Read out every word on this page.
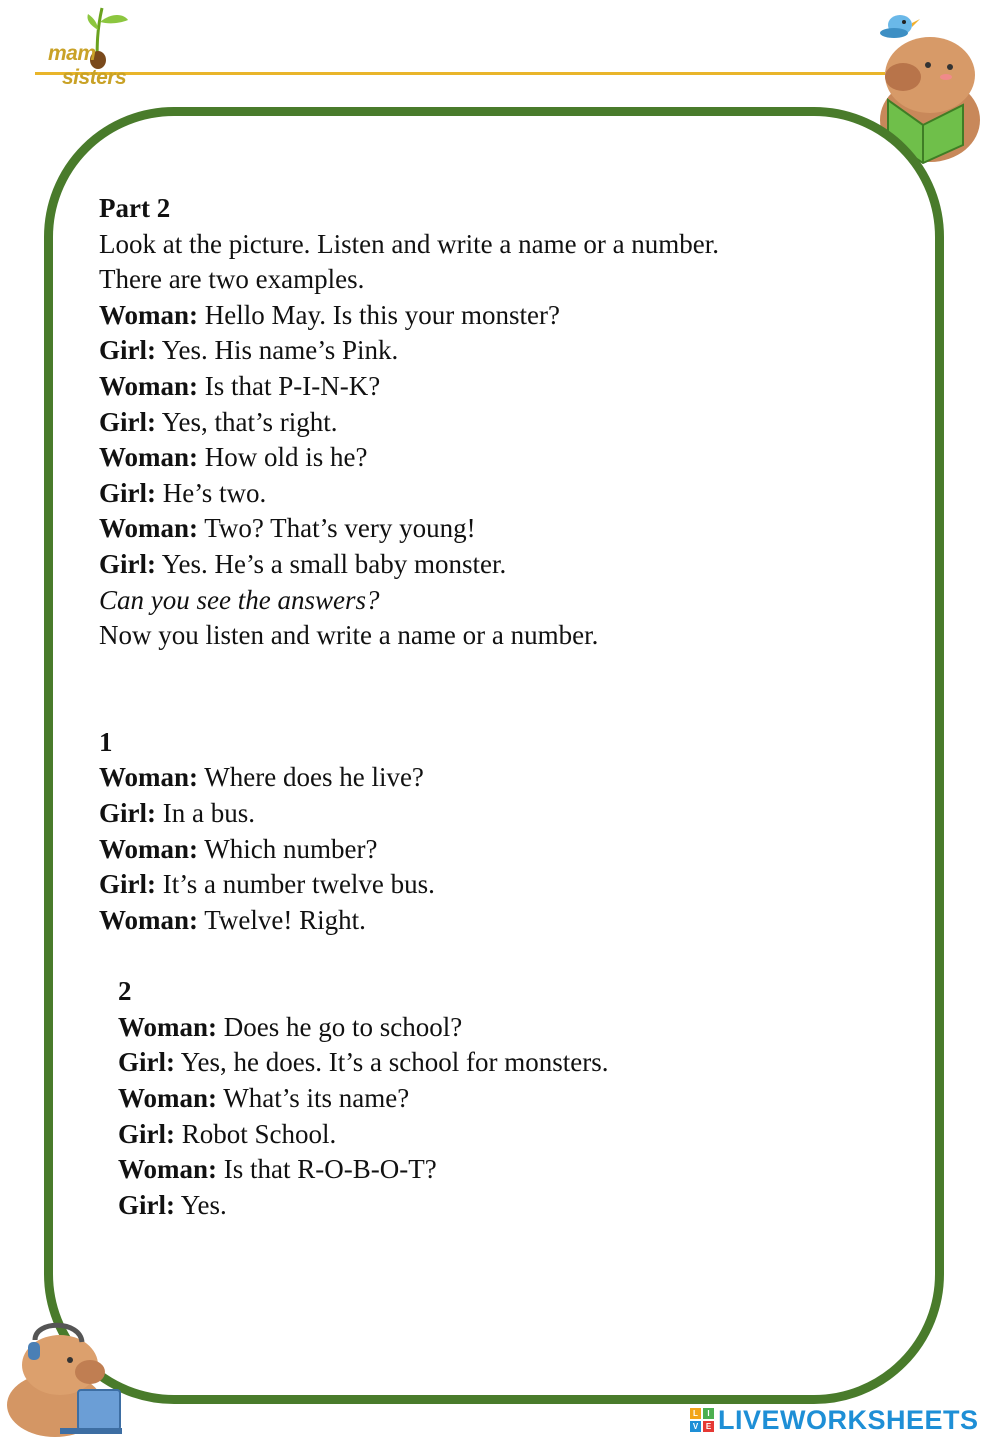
mamsisters
Part 2
Look at the picture. Listen and write a name or a number.
There are two examples.
Woman: Hello May. Is this your monster?
Girl: Yes. His name’s Pink.
Woman: Is that P-I-N-K?
Girl: Yes, that’s right.
Woman: How old is he?
Girl: He’s two.
Woman: Two? That’s very young!
Girl: Yes. He’s a small baby monster.
Can you see the answers?
Now you listen and write a name or a number.
1
Woman: Where does he live?
Girl: In a bus.
Woman: Which number?
Girl: It’s a number twelve bus.
Woman: Twelve! Right.
2
Woman: Does he go to school?
Girl: Yes, he does. It’s a school for monsters.
Woman: What’s its name?
Girl: Robot School.
Woman: Is that R-O-B-O-T?
Girl: Yes.
L	I
V E LIVEWORKSHEETS
